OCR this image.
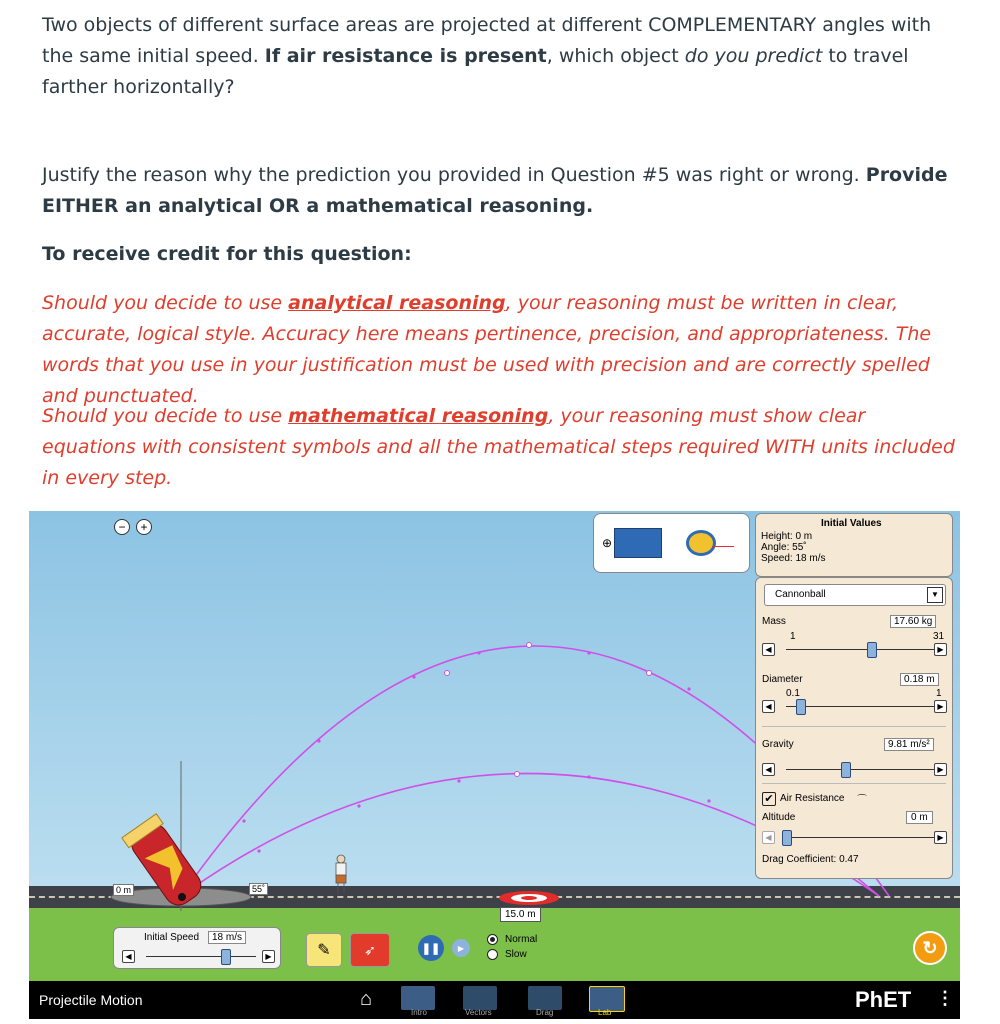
Two objects of different surface areas are projected at different COMPLEMENTARY angles with the same initial speed. If air resistance is present, which object do you predict to travel farther horizontally?

Justify the reason why the prediction you provided in Question #5 was right or wrong. Provide EITHER an analytical OR a mathematical reasoning.

To receive credit for this question:

Should you decide to use analytical reasoning, your reasoning must be written in clear, accurate, logical style. Accuracy here means pertinence, precision, and appropriateness. The words that you use in your justification must be used with precision and are correctly spelled and punctuated.

Should you decide to use mathematical reasoning, your reasoning must show clear equations with consistent symbols and all the mathematical steps required WITH units included in every step.

−	+
⊕
Initial Values
Height: 0 m
Angle: 55˚
Speed: 18 m/s
Cannonball	▼
Mass	17.60 kg
1	31
◀	▶
Diameter	0.18 m
0.1	1
◀	▶
Gravity	9.81 m/s²
◀	▶
✔ Air Resistance ⌒
Altitude	0 m
◀	▶
Drag Coefficient: 0.47
0 m	55˚
15.0 m
Initial Speed	18 m/s
◀	▶	✎ ➶	❚❚ ▶
Normal
Slow	↻
Projectile Motion	⌂
Intro	Vectors	Drag	Lab
PhET ⋮
